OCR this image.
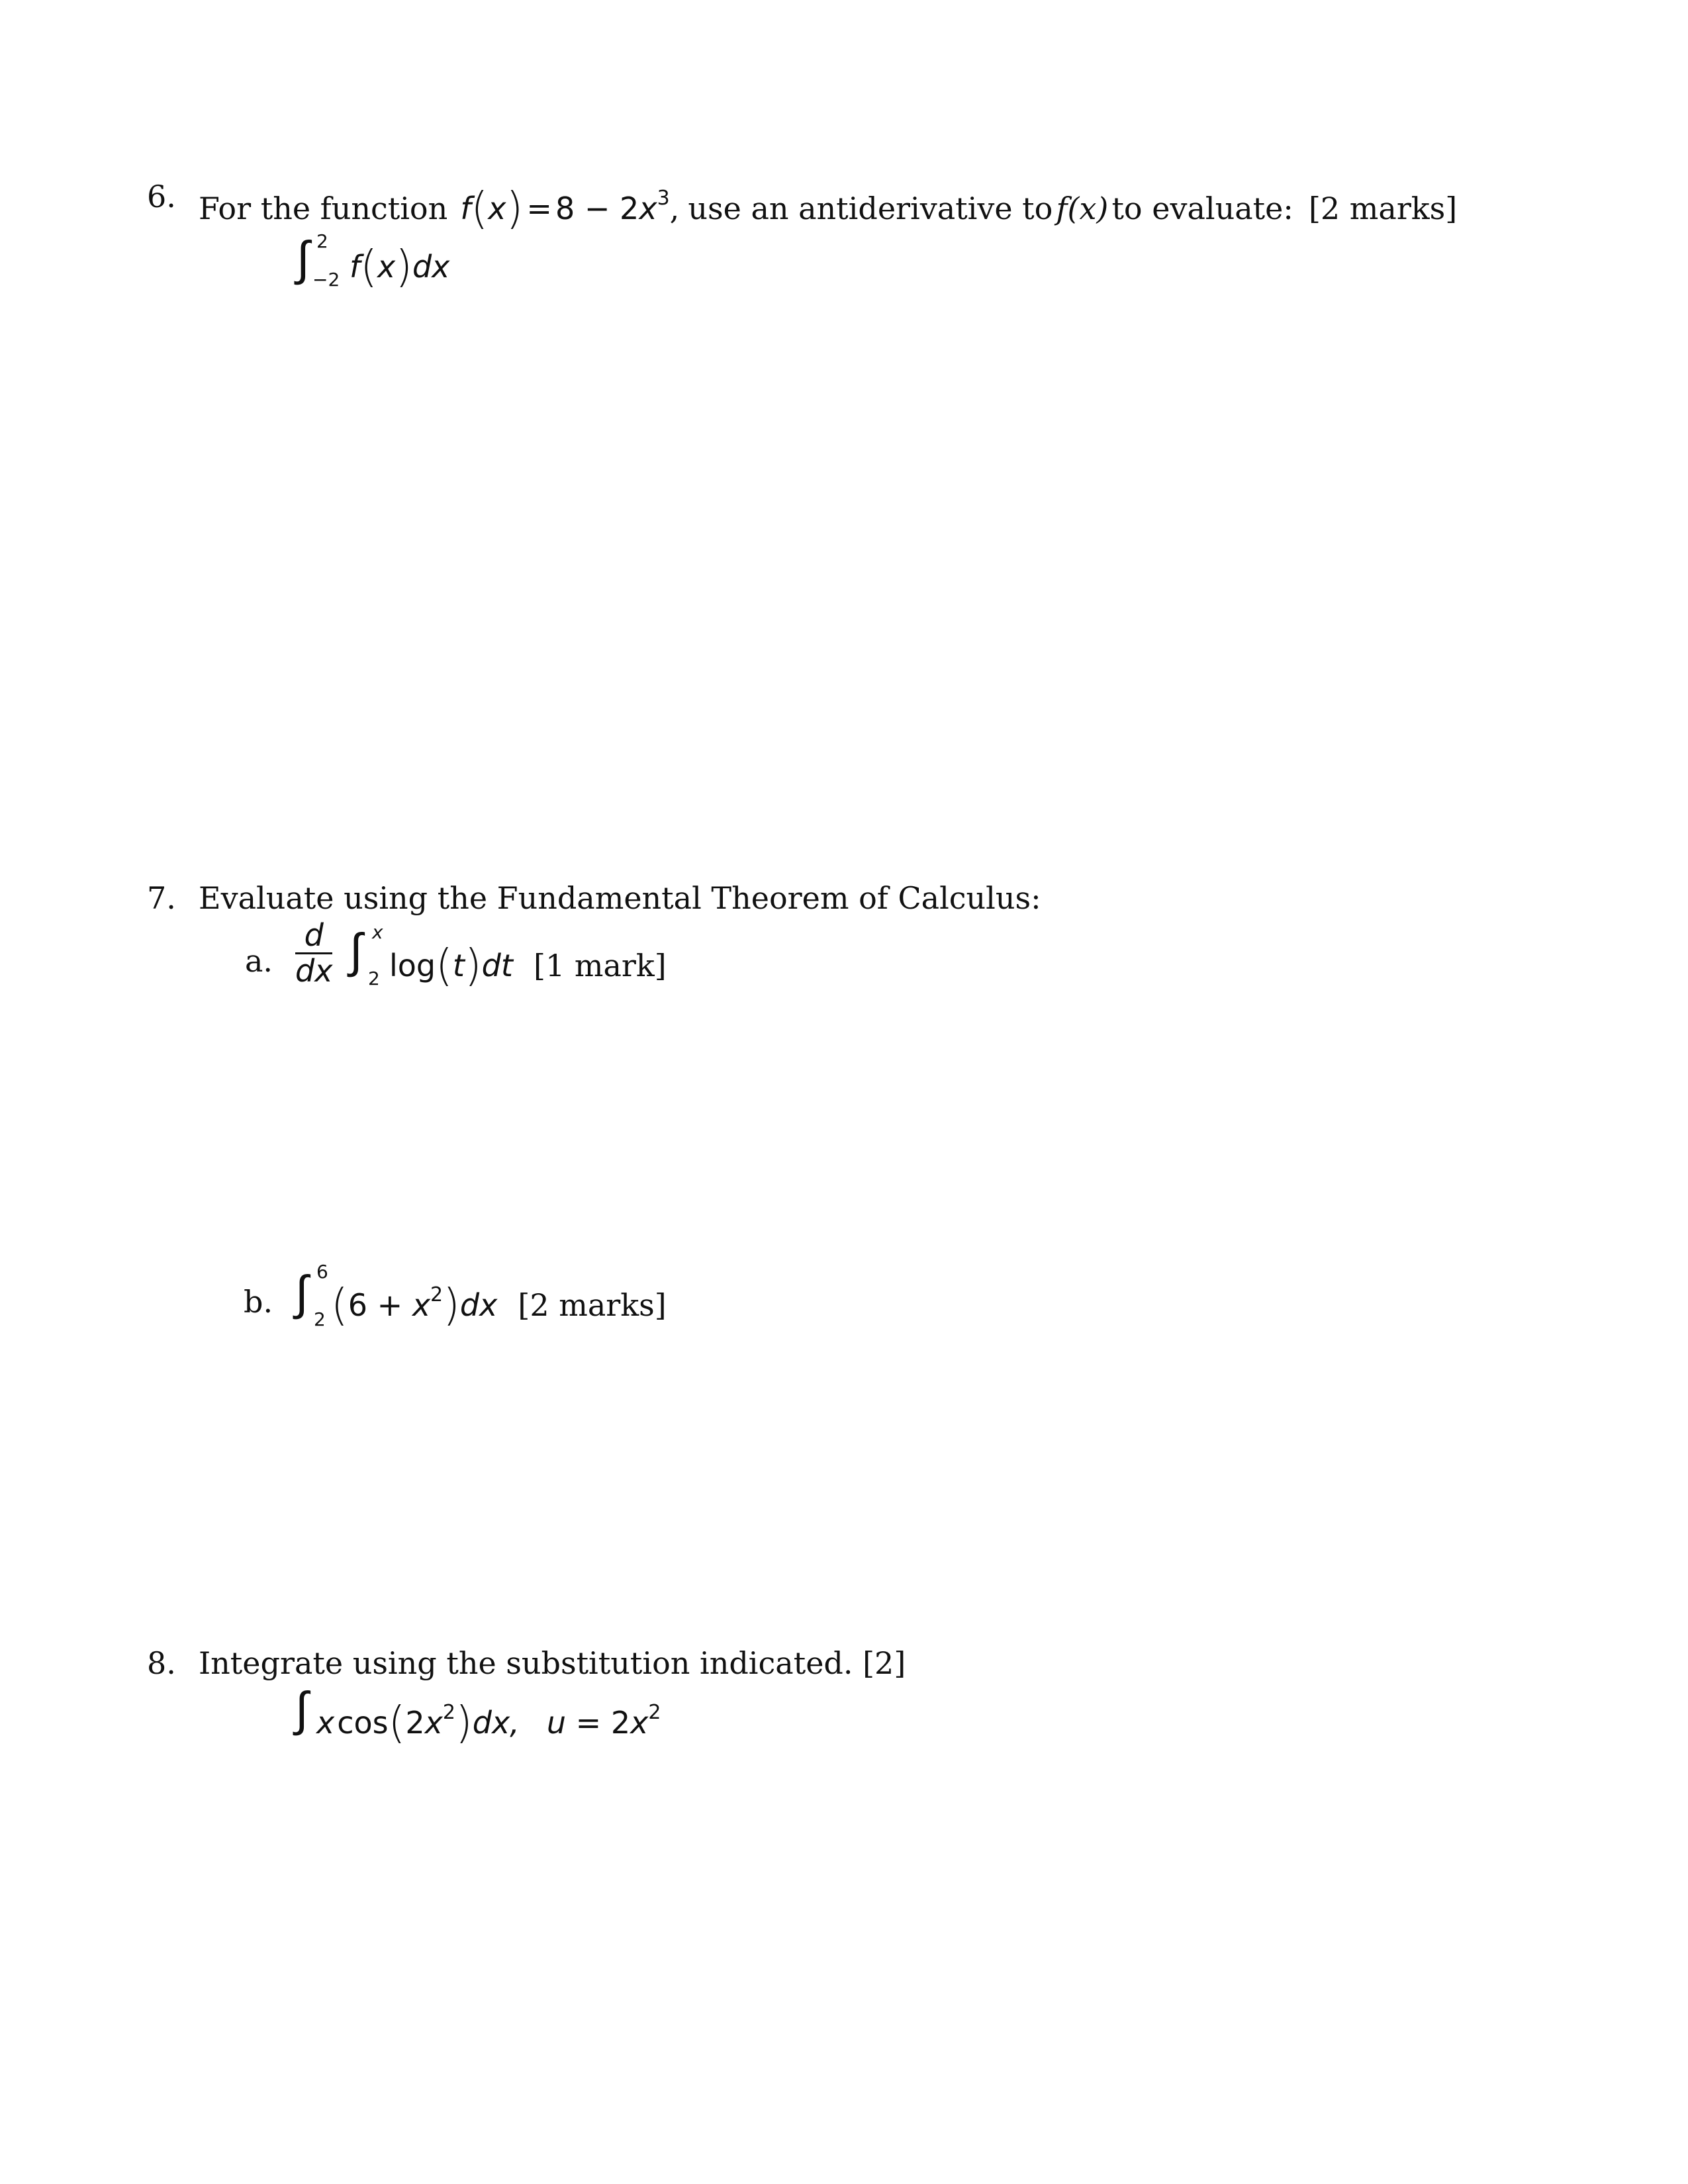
6. For the function f(x) = 8 − 2x3, use an antiderivative to f(x) to evaluate: [2 marks]
∫ 2
−2 f(x)dx
7. Evaluate using the Fundamental Theorem of Calculus:
a. $\frac{d}{dx}$ ∫ x
2 log(t)dt [1 mark]
b. ∫ 6
2 (6 + x2)dx [2 marks]
8. Integrate using the substitution indicated. [2]
∫ xcos(2x2)dx, u = 2x2
